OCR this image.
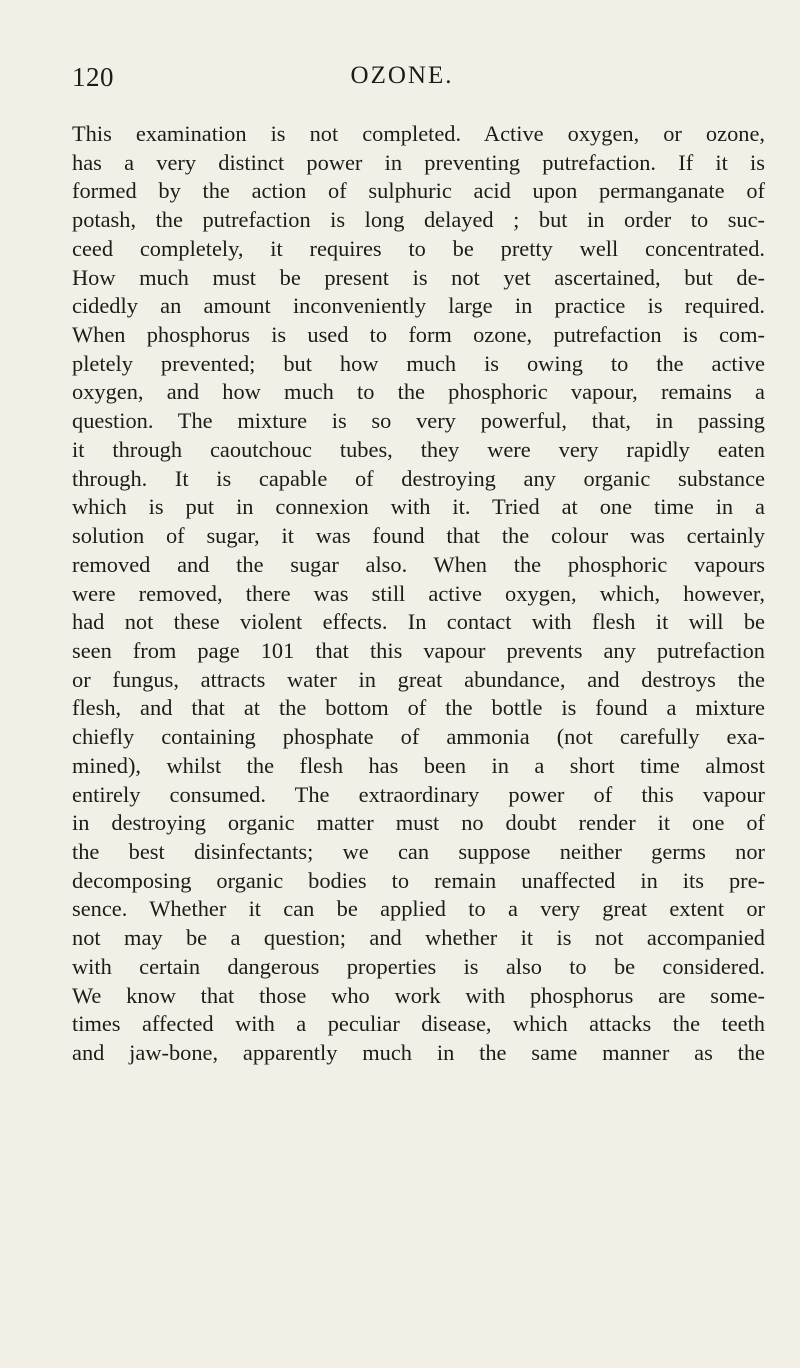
120	OZONE.
This examination is not completed. Active oxygen, or ozone,
has a very distinct power in preventing putrefaction. If it is
formed by the action of sulphuric acid upon permanganate of
potash, the putrefaction is long delayed ; but in order to suc-
ceed completely, it requires to be pretty well concentrated.
How much must be present is not yet ascertained, but de-
cidedly an amount inconveniently large in practice is required.
When phosphorus is used to form ozone, putrefaction is com-
pletely prevented; but how much is owing to the active
oxygen, and how much to the phosphoric vapour, remains a
question. The mixture is so very powerful, that, in passing
it through caoutchouc tubes, they were very rapidly eaten
through. It is capable of destroying any organic substance
which is put in connexion with it. Tried at one time in a
solution of sugar, it was found that the colour was certainly
removed and the sugar also. When the phosphoric vapours
were removed, there was still active oxygen, which, however,
had not these violent effects. In contact with flesh it will be
seen from page 101 that this vapour prevents any putrefaction
or fungus, attracts water in great abundance, and destroys the
flesh, and that at the bottom of the bottle is found a mixture
chiefly containing phosphate of ammonia (not carefully exa-
mined), whilst the flesh has been in a short time almost
entirely consumed. The extraordinary power of this vapour
in destroying organic matter must no doubt render it one of
the best disinfectants; we can suppose neither germs nor
decomposing organic bodies to remain unaffected in its pre-
sence. Whether it can be applied to a very great extent or
not may be a question; and whether it is not accompanied
with certain dangerous properties is also to be considered.
We know that those who work with phosphorus are some-
times affected with a peculiar disease, which attacks the teeth
and jaw-bone, apparently much in the same manner as the
